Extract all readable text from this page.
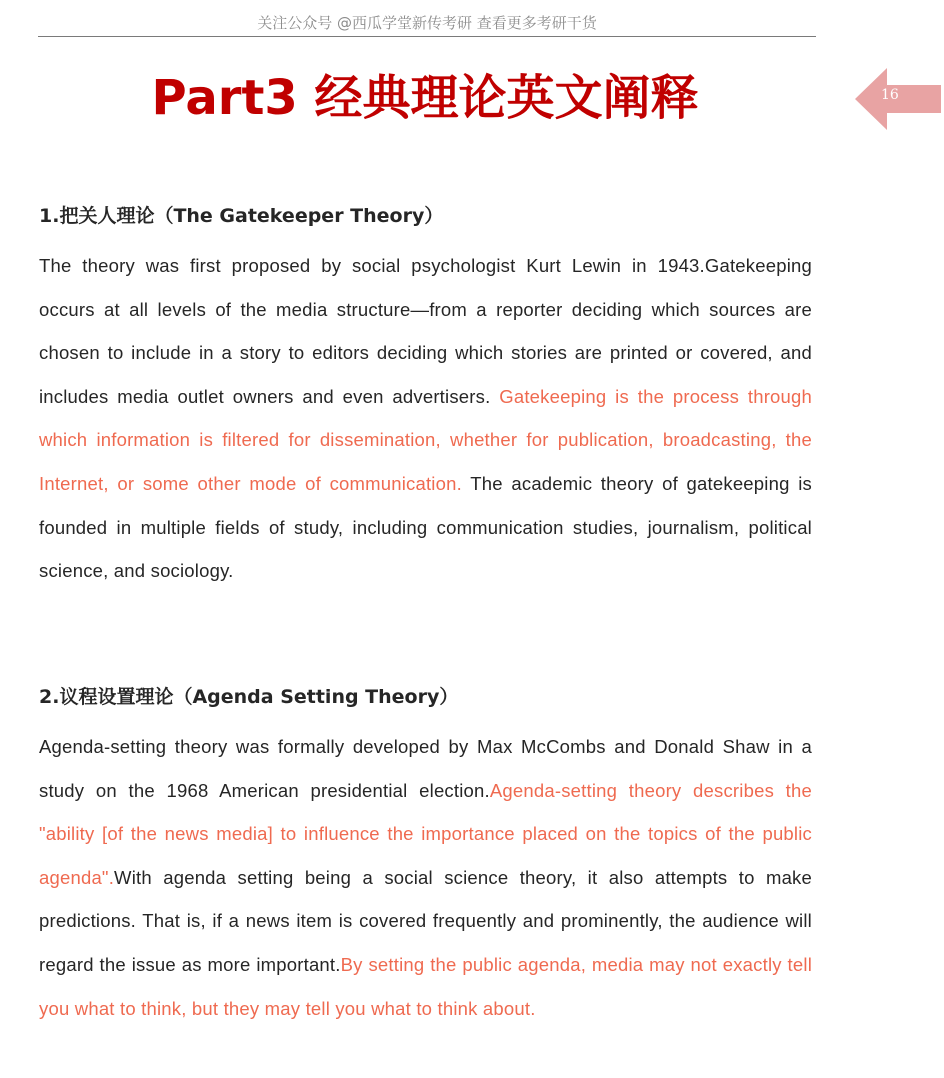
关注公众号 @西瓜学堂新传考研 查看更多考研干货
16
Part3 经典理论英文阐释
1.把关人理论（The Gatekeeper Theory）

The theory was first proposed by social psychologist Kurt Lewin in 1943.Gatekeeping occurs at all levels of the media structure—from a reporter deciding which sources are chosen to include in a story to editors deciding which stories are printed or covered, and includes media outlet owners and even advertisers. Gatekeeping is the process through which information is filtered for dissemination, whether for publication, broadcasting, the Internet, or some other mode of communication. The academic theory of gatekeeping is founded in multiple fields of study, including communication studies, journalism, political science, and sociology.

2.议程设置理论（Agenda Setting Theory）

Agenda-setting theory was formally developed by Max McCombs and Donald Shaw in a study on the 1968 American presidential election.Agenda-setting theory describes the "ability [of the news media] to influence the importance placed on the topics of the public agenda".With agenda setting being a social science theory, it also attempts to make predictions. That is, if a news item is covered frequently and prominently, the audience will regard the issue as more important.By setting the public agenda, media may not exactly tell you what to think, but they may tell you what to think about.
